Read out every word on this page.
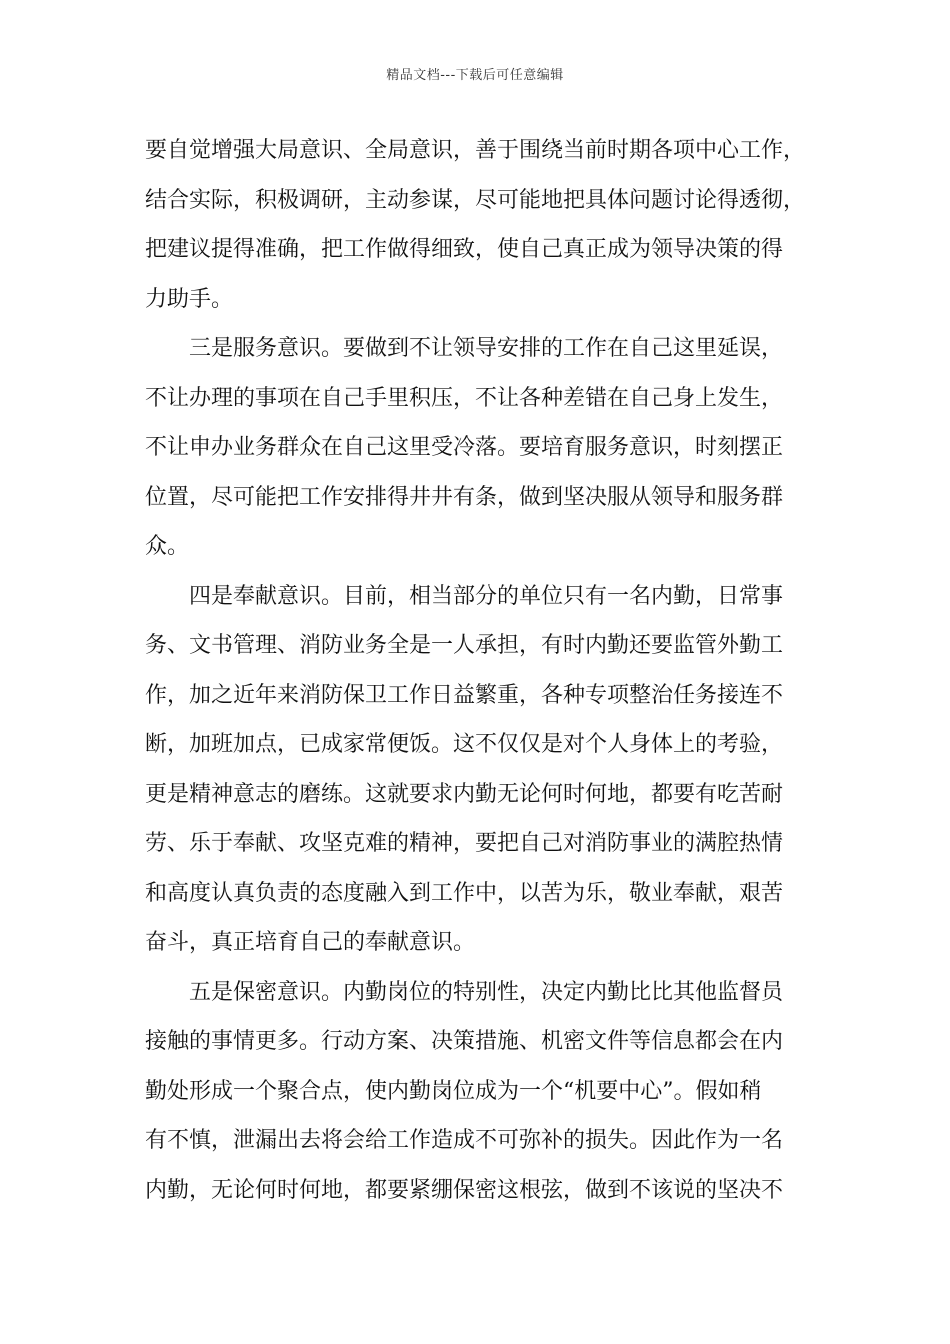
精品文档---下载后可任意编辑
要自觉增强大局意识、全局意识，善于围绕当前时期各项中心工作，
结合实际，积极调研，主动参谋，尽可能地把具体问题讨论得透彻，
把建议提得准确，把工作做得细致，使自己真正成为领导决策的得
力助手。
三是服务意识。要做到不让领导安排的工作在自己这里延误，
不让办理的事项在自己手里积压，不让各种差错在自己身上发生，
不让申办业务群众在自己这里受冷落。要培育服务意识，时刻摆正
位置，尽可能把工作安排得井井有条，做到坚决服从领导和服务群
众。
四是奉献意识。目前，相当部分的单位只有一名内勤，日常事
务、文书管理、消防业务全是一人承担，有时内勤还要监管外勤工
作，加之近年来消防保卫工作日益繁重，各种专项整治任务接连不
断，加班加点，已成家常便饭。这不仅仅是对个人身体上的考验，
更是精神意志的磨练。这就要求内勤无论何时何地，都要有吃苦耐
劳、乐于奉献、攻坚克难的精神，要把自己对消防事业的满腔热情
和高度认真负责的态度融入到工作中，以苦为乐，敬业奉献，艰苦
奋斗，真正培育自己的奉献意识。
五是保密意识。内勤岗位的特别性，决定内勤比比其他监督员
接触的事情更多。行动方案、决策措施、机密文件等信息都会在内
勤处形成一个聚合点，使内勤岗位成为一个“机要中心”。假如稍
有不慎，泄漏出去将会给工作造成不可弥补的损失。因此作为一名
内勤，无论何时何地，都要紧绷保密这根弦，做到不该说的坚决不
